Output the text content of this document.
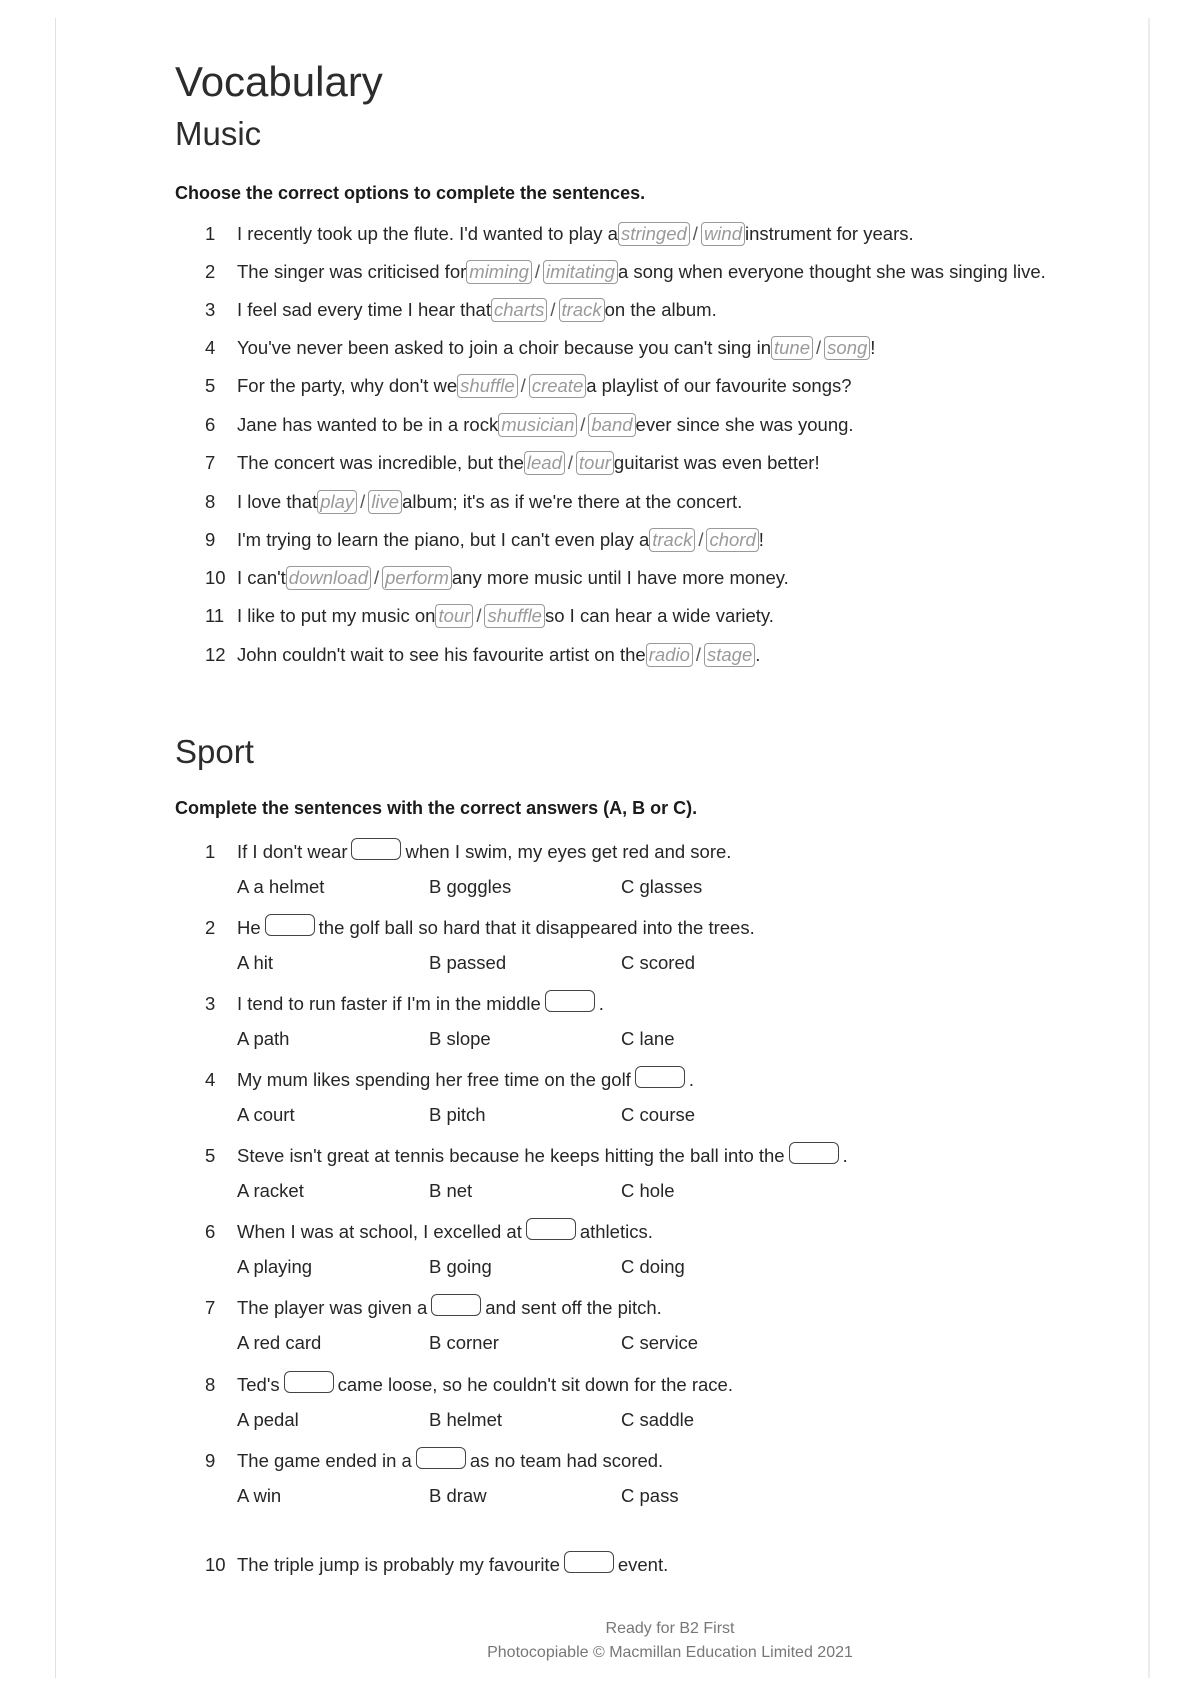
Vocabulary
Music
Choose the correct options to complete the sentences.
1 I recently took up the flute. I'd wanted to play a stringed / wind instrument for years.
2 The singer was criticised for miming / imitating a song when everyone thought she was singing live.
3 I feel sad every time I hear that charts / track on the album.
4 You've never been asked to join a choir because you can't sing in tune / song !
5 For the party, why don't we shuffle / create a playlist of our favourite songs?
6 Jane has wanted to be in a rock musician / band ever since she was young.
7 The concert was incredible, but the lead / tour guitarist was even better!
8 I love that play / live album; it's as if we're there at the concert.
9 I'm trying to learn the piano, but I can't even play a track / chord !
10 I can't download / perform any more music until I have more money.
11 I like to put my music on tour / shuffle so I can hear a wide variety.
12 John couldn't wait to see his favourite artist on the radio / stage .
Sport
Complete the sentences with the correct answers (A, B or C).
1 If I don't wear	when I swim, my eyes get red and sore.
A a helmet	B goggles	C glasses
2 He	the golf ball so hard that it disappeared into the trees.
A hit	B passed	C scored
3 I tend to run faster if I'm in the middle	.
A path	B slope	C lane
4 My mum likes spending her free time on the golf	.
A court	B pitch	C course
5 Steve isn't great at tennis because he keeps hitting the ball into the	.
A racket	B net	C hole
6 When I was at school, I excelled at	athletics.
A playing	B going	C doing
7 The player was given a	and sent off the pitch.
A red card	B corner	C service
8 Ted's	came loose, so he couldn't sit down for the race.
A pedal	B helmet	C saddle
9 The game ended in a	as no team had scored.
A win	B draw	C pass
10 The triple jump is probably my favourite	event.
Ready for B2 First
Photocopiable © Macmillan Education Limited 2021
